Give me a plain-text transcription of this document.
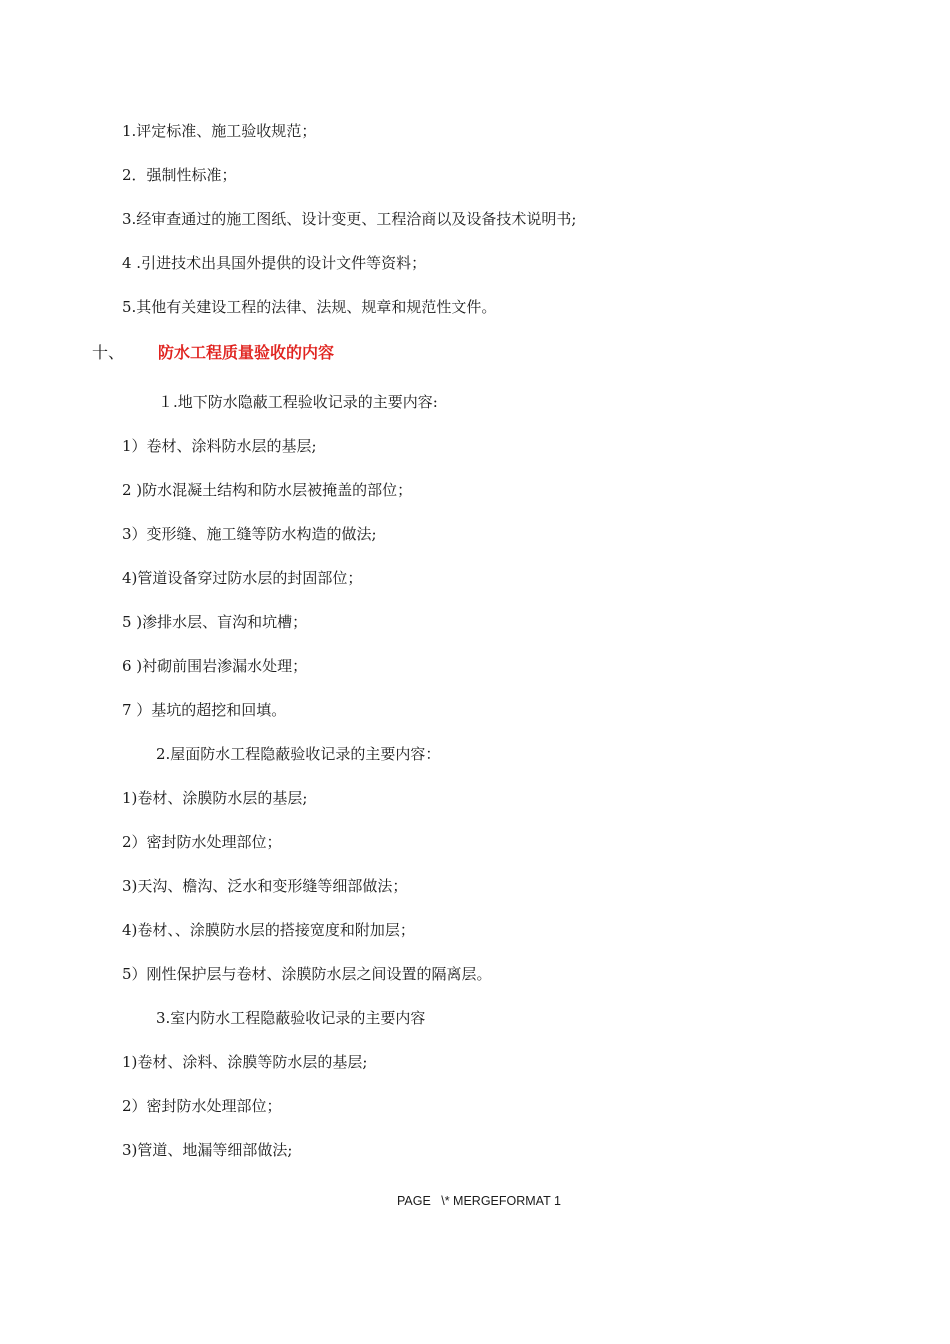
1.评定标准、施工验收规范；
2．强制性标准；
3.经审查通过的施工图纸、设计变更、工程洽商以及设备技术说明书;
4 .引进技术出具国外提供的设计文件等资料；
5.其他有关建设工程的法律、法规、规章和规范性文件。
十、 防水工程质量验收的内容
１.地下防水隐蔽工程验收记录的主要内容:
1）卷材、涂料防水层的基层;
2 )防水混凝土结构和防水层被掩盖的部位；
3）变形缝、施工缝等防水构造的做法;
4)管道设备穿过防水层的封固部位；
5 )渗排水层、盲沟和坑槽；
6 )衬砌前围岩渗漏水处理；
7 ）基坑的超挖和回填。
2.屋面防水工程隐蔽验收记录的主要内容：
1)卷材、涂膜防水层的基层;
2）密封防水处理部位；
3)天沟、檐沟、泛水和变形缝等细部做法；
4)卷材、、涂膜防水层的搭接宽度和附加层；
5）刚性保护层与卷材、涂膜防水层之间设置的隔离层。
3.室内防水工程隐蔽验收记录的主要内容
1)卷材、涂料、涂膜等防水层的基层;
2）密封防水处理部位；
3)管道、地漏等细部做法;
PAGE   \* MERGEFORMAT 1
